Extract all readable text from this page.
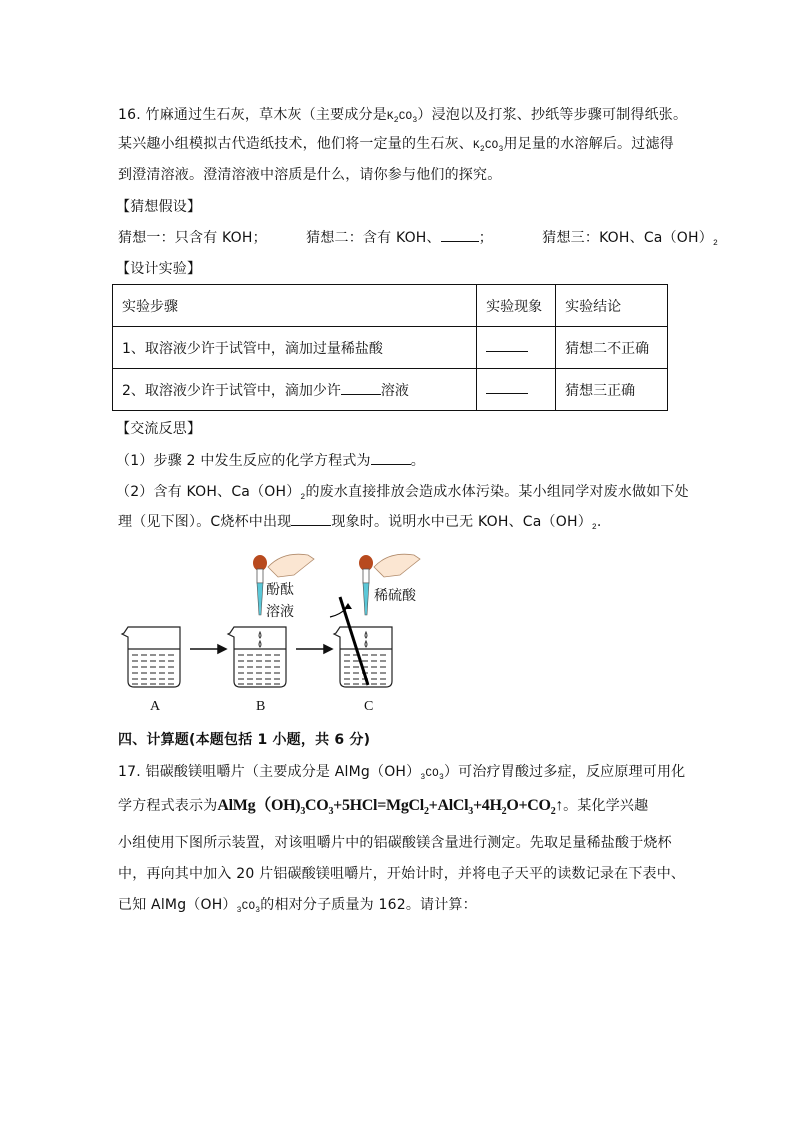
16. 竹麻通过生石灰，草木灰（主要成分是$K_2CO_3$）浸泡以及打浆、抄纸等步骤可制得纸张。
某兴趣小组模拟古代造纸技术，他们将一定量的生石灰、$K_2CO_3$用足量的水溶解后。过滤得
到澄清溶液。澄清溶液中溶质是什么，请你参与他们的探究。
【猜想假设】
猜想一：只含有 KOH；	猜想二：含有 KOH、	；	猜想三：KOH、$Ca(OH)_2$
【设计实验】
实验步骤	实验现象	实验结论
1、取溶液少许于试管中，滴加过量稀盐酸		猜想二不正确
2、取溶液少许于试管中，滴加少许 溶液		猜想三正确
【交流反思】
（1）步骤 2 中发生反应的化学方程式为	。
（2）含有 KOH、$Ca(OH)_2$的废水直接排放会造成水体污染。某小组同学对废水做如下处
理（见下图）。C烧杯中出现	现象时。说明水中已无 KOH、$Ca(OH)_2$.
酚酞
溶液
稀硫酸
A	B	C
四、计算题(本题包括 1 小题，共 6 分)
17. 铝碳酸镁咀嚼片（主要成分是 $AlMg(OH)_3CO_3$）可治疗胃酸过多症，反应原理可用化
学方程式表示为$AlMg(OH)_3CO_3+5HCl=MgCl_2+AlCl_3+4H_2O+CO_2↑$。某化学兴趣
小组使用下图所示装置，对该咀嚼片中的铝碳酸镁含量进行测定。先取足量稀盐酸于烧杯
中，再向其中加入 20 片铝碳酸镁咀嚼片，开始计时，并将电子天平的读数记录在下表中、
已知 $AlMg(OH)_3CO_3$的相对分子质量为 162。请计算：
